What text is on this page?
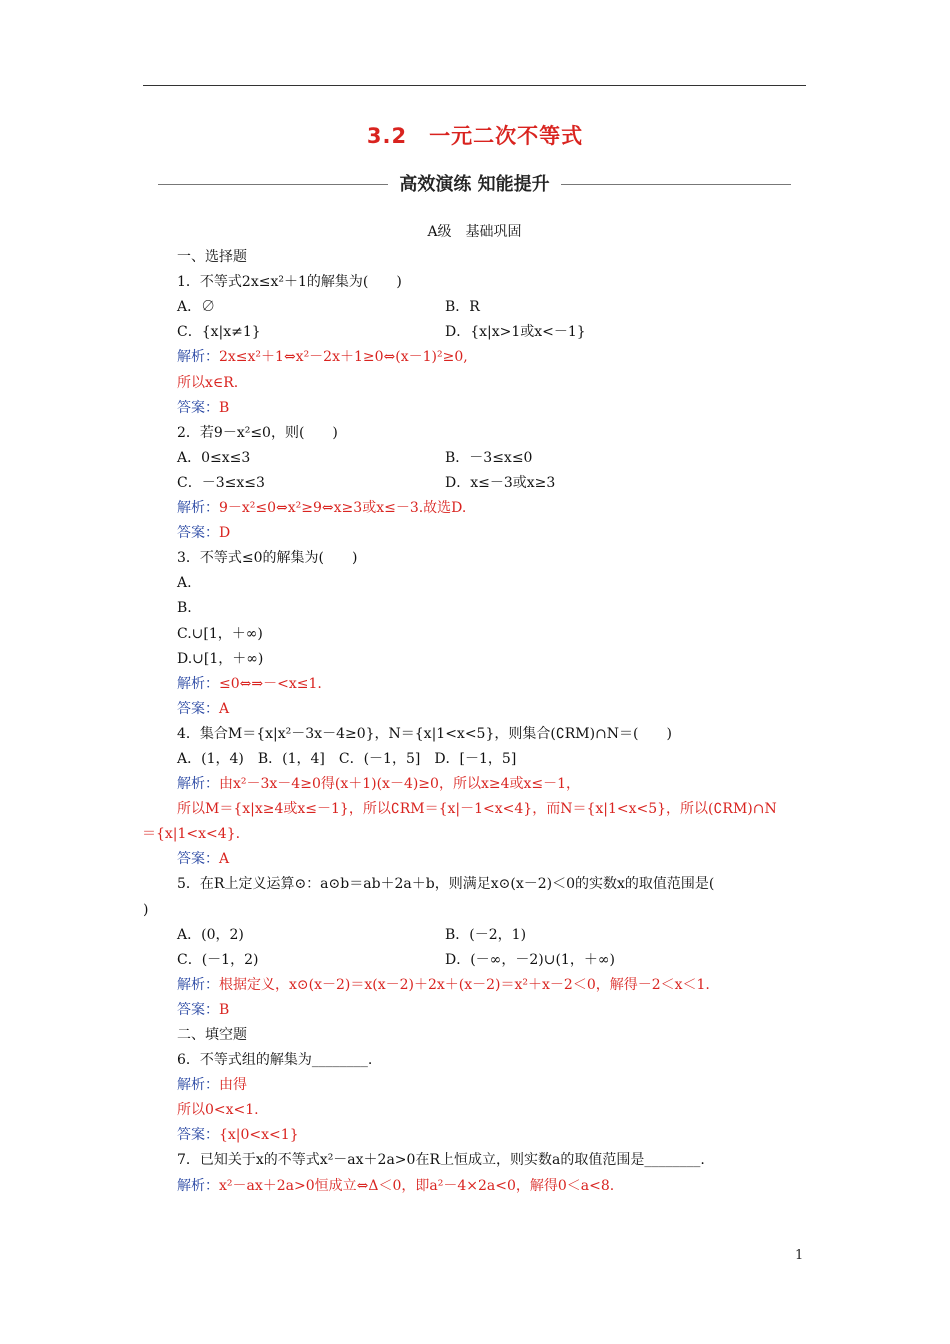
3.2　一元二次不等式
高效演练 知能提升
A级　基础巩固
一、选择题
1．不等式2x≤x²＋1的解集为(　　)
A．∅	B．R
C．{x|x≠1}	D．{x|x>1或x<－1}
解析：2x≤x²＋1⇔x²－2x＋1≥0⇔(x－1)²≥0,
所以x∈R.
答案：B
2．若9－x²≤0，则(　　)
A．0≤x≤3	B．－3≤x≤0
C．－3≤x≤3	D．x≤－3或x≥3
解析：9－x²≤0⇔x²≥9⇔x≥3或x≤－3.故选D.
答案：D
3．不等式≤0的解集为(　　)
A.
B.
C.∪[1，＋∞)
D.∪[1，＋∞)
解析：≤0⇔⇒－<x≤1.
答案：A
4．集合M＝{x|x²－3x－4≥0}，N＝{x|1<x<5}，则集合(∁RM)∩N＝(　　)
A．(1，4)　B．(1，4]　C．(－1，5]　D．[－1，5]
解析：由x²－3x－4≥0得(x＋1)(x－4)≥0，所以x≥4或x≤－1，
所以M＝{x|x≥4或x≤－1}，所以∁RM＝{x|－1<x<4}，而N＝{x|1<x<5}，所以(∁RM)∩N
＝{x|1<x<4}.
答案：A
5．在R上定义运算⊙：a⊙b＝ab＋2a＋b，则满足x⊙(x－2)＜0的实数x的取值范围是(
)
A．(0，2)	B．(－2，1)
C．(－1，2)	D．(－∞，－2)∪(1，＋∞)
解析：根据定义，x⊙(x－2)＝x(x－2)＋2x＋(x－2)＝x²＋x－2＜0，解得－2＜x＜1.
答案：B
二、填空题
6．不等式组的解集为________.
解析：由得
所以0<x<1.
答案：{x|0<x<1}
7．已知关于x的不等式x²－ax＋2a>0在R上恒成立，则实数a的取值范围是________.
解析：x²－ax＋2a>0恒成立⇔Δ＜0，即a²－4×2a<0，解得0＜a<8.
1
